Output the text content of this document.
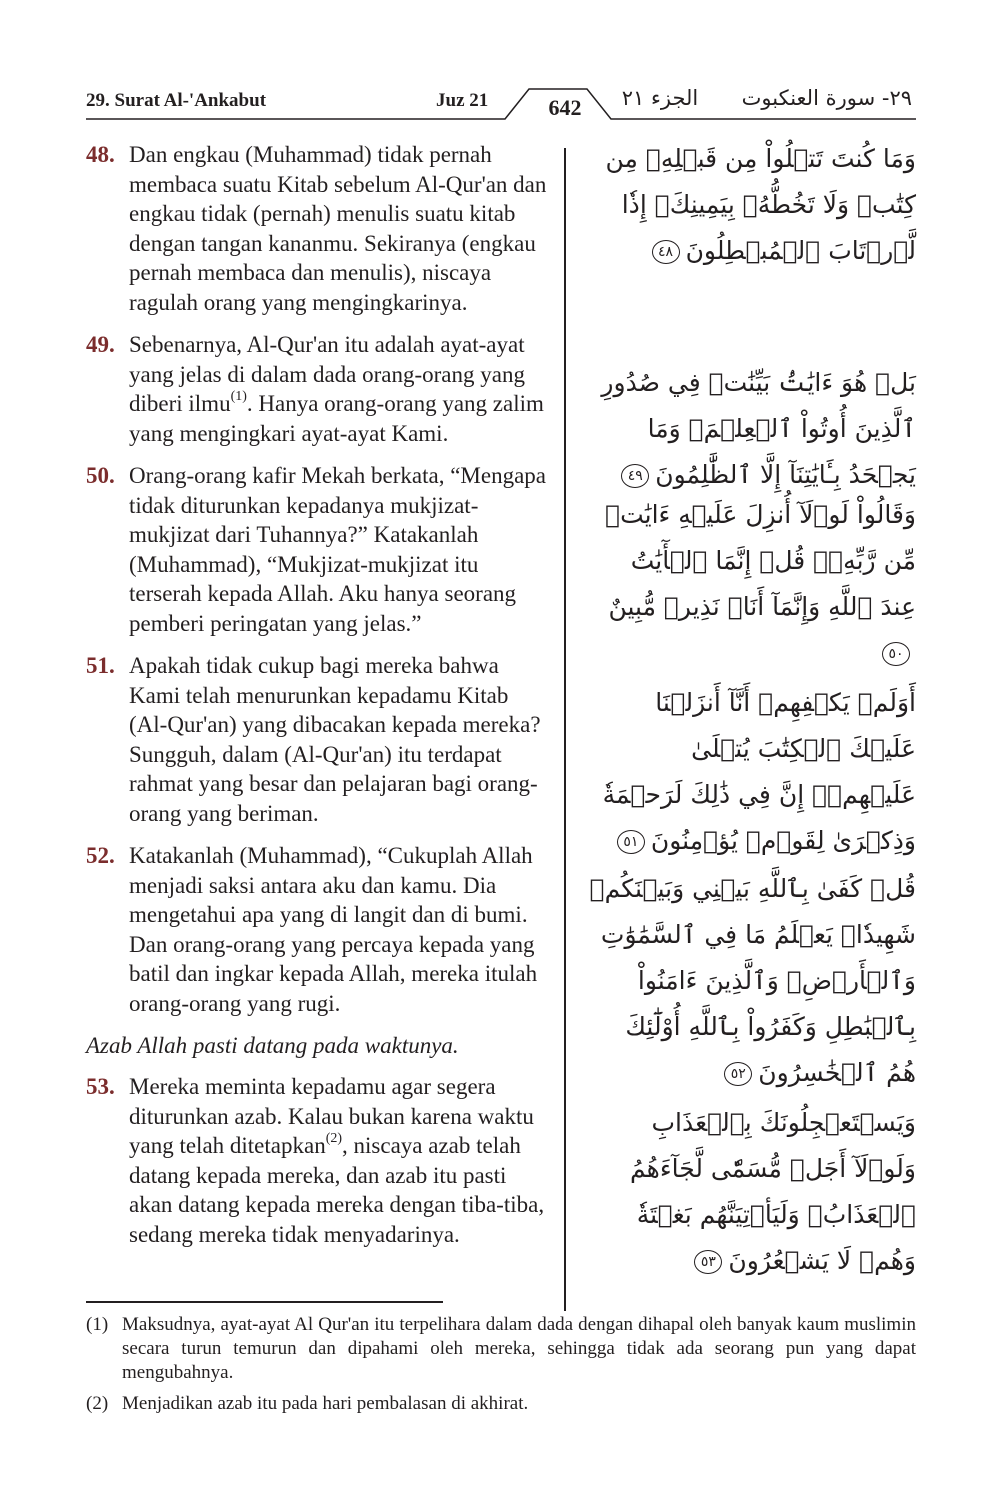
29. Surat Al-'Ankabut	Juz 21	642	الجزء ٢١	٢٩- سورة العنكبوت
48. Dan engkau (Muhammad) tidak pernah membaca suatu Kitab sebelum Al-Qur'an dan engkau tidak (pernah) menulis suatu kitab dengan tangan kananmu. Sekiranya (engkau pernah membaca dan menulis), niscaya ragulah orang yang mengingkarinya.
49. Sebenarnya, Al-Qur'an itu adalah ayat-ayat yang jelas di dalam dada orang-orang yang diberi ilmu$^{(1)}$. Hanya orang-orang yang zalim yang mengingkari ayat-ayat Kami.
50. Orang-orang kafir Mekah berkata, “Mengapa tidak diturunkan kepadanya mukjizat-mukjizat dari Tuhannya?” Katakanlah (Muhammad), “Mukjizat-mukjizat itu terserah kepada Allah. Aku hanya seorang pemberi peringatan yang jelas.”
51. Apakah tidak cukup bagi mereka bahwa Kami telah menurunkan kepadamu Kitab (Al-Qur'an) yang dibacakan kepada mereka? Sungguh, dalam (Al-Qur'an) itu terdapat rahmat yang besar dan pelajaran bagi orang-orang yang beriman.
52. Katakanlah (Muhammad), “Cukuplah Allah menjadi saksi antara aku dan kamu. Dia mengetahui apa yang di langit dan di bumi. Dan orang-orang yang percaya kepada yang batil dan ingkar kepada Allah, mereka itulah orang-orang yang rugi.
Azab Allah pasti datang pada waktunya.
53. Mereka meminta kepadamu agar segera diturunkan azab. Kalau bukan karena waktu yang telah ditetapkan$^{(2)}$, niscaya azab telah datang kepada mereka, dan azab itu pasti akan datang kepada mereka dengan tiba-tiba, sedang mereka tidak menyadarinya.
وَمَا كُنتَ تَتۡلُواْ مِن قَبۡلِهِۦ مِن كِتَٰبٖ وَلَا تَخُطُّهُۥ بِيَمِينِكَۖ إِذٗا لَّٱرۡتَابَ ٱلۡمُبۡطِلُونَ٤٨
بَلۡ هُوَ ءَايَٰتُۢ بَيِّنَٰتٞ فِي صُدُورِ ٱلَّذِينَ أُوتُواْ ٱلۡعِلۡمَۚ وَمَا يَجۡحَدُ بِـَٔايَٰتِنَآ إِلَّا ٱلظَّٰلِمُونَ٤٩
وَقَالُواْ لَوۡلَآ أُنزِلَ عَلَيۡهِ ءَايَٰتٞ مِّن رَّبِّهِۦۖ قُلۡ إِنَّمَا ٱلۡأٓيَٰتُ عِندَ ٱللَّهِ وَإِنَّمَآ أَنَا۠ نَذِيرٞ مُّبِينٌ٥٠
أَوَلَمۡ يَكۡفِهِمۡ أَنَّآ أَنزَلۡنَا عَلَيۡكَ ٱلۡكِتَٰبَ يُتۡلَىٰ عَلَيۡهِمۡۚ إِنَّ فِي ذَٰلِكَ لَرَحۡمَةٗ وَذِكۡرَىٰ لِقَوۡمٖ يُؤۡمِنُونَ٥١
قُلۡ كَفَىٰ بِٱللَّهِ بَيۡنِي وَبَيۡنَكُمۡ شَهِيدٗاۖ يَعۡلَمُ مَا فِي ٱلسَّمَٰوَٰتِ وَٱلۡأَرۡضِۗ وَٱلَّذِينَ ءَامَنُواْ بِٱلۡبَٰطِلِ وَكَفَرُواْ بِٱللَّهِ أُوْلَٰٓئِكَ هُمُ ٱلۡخَٰسِرُونَ٥٢
وَيَسۡتَعۡجِلُونَكَ بِٱلۡعَذَابِ وَلَوۡلَآ أَجَلٞ مُّسَمّٗى لَّجَآءَهُمُ ٱلۡعَذَابُۚ وَلَيَأۡتِيَنَّهُم بَغۡتَةٗ وَهُمۡ لَا يَشۡعُرُونَ٥٣
(1) Maksudnya, ayat-ayat Al Qur'an itu terpelihara dalam dada dengan dihapal oleh banyak kaum muslimin secara turun temurun dan dipahami oleh mereka, sehingga tidak ada seorang pun yang dapat mengubahnya.
(2) Menjadikan azab itu pada hari pembalasan di akhirat.
